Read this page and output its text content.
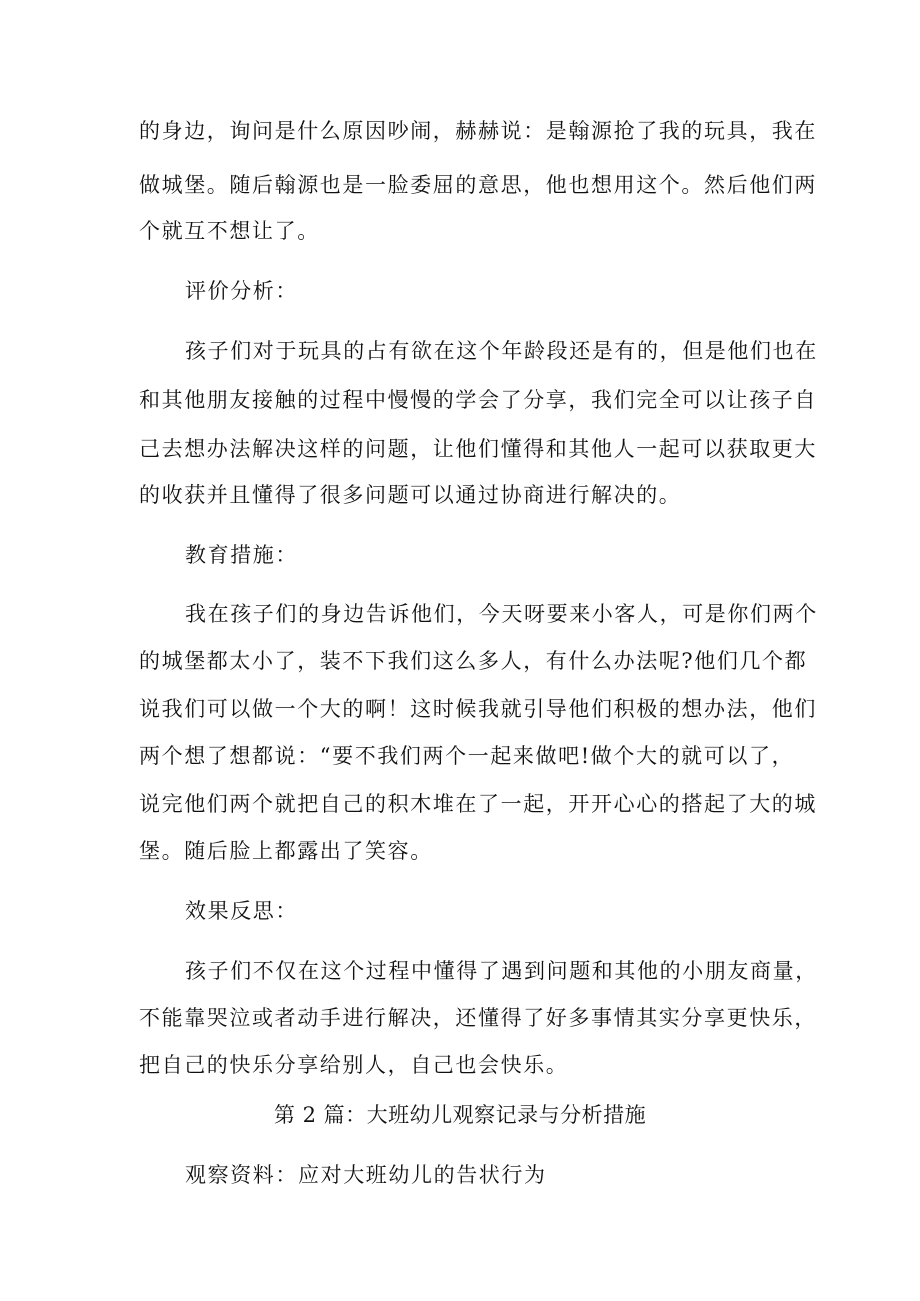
的身边，询问是什么原因吵闹，赫赫说：是翰源抢了我的玩具，我在
做城堡。随后翰源也是一脸委屈的意思，他也想用这个。然后他们两
个就互不想让了。
评价分析：
孩子们对于玩具的占有欲在这个年龄段还是有的，但是他们也在
和其他朋友接触的过程中慢慢的学会了分享，我们完全可以让孩子自
己去想办法解决这样的问题，让他们懂得和其他人一起可以获取更大
的收获并且懂得了很多问题可以通过协商进行解决的。
教育措施：
我在孩子们的身边告诉他们，今天呀要来小客人，可是你们两个
的城堡都太小了，装不下我们这么多人，有什么办法呢?他们几个都
说我们可以做一个大的啊！这时候我就引导他们积极的想办法，他们
两个想了想都说：“要不我们两个一起来做吧!做个大的就可以了，
说完他们两个就把自己的积木堆在了一起，开开心心的搭起了大的城
堡。随后脸上都露出了笑容。
效果反思：
孩子们不仅在这个过程中懂得了遇到问题和其他的小朋友商量，
不能靠哭泣或者动手进行解决，还懂得了好多事情其实分享更快乐，
把自己的快乐分享给别人，自己也会快乐。
第 2 篇：大班幼儿观察记录与分析措施
观察资料：应对大班幼儿的告状行为
